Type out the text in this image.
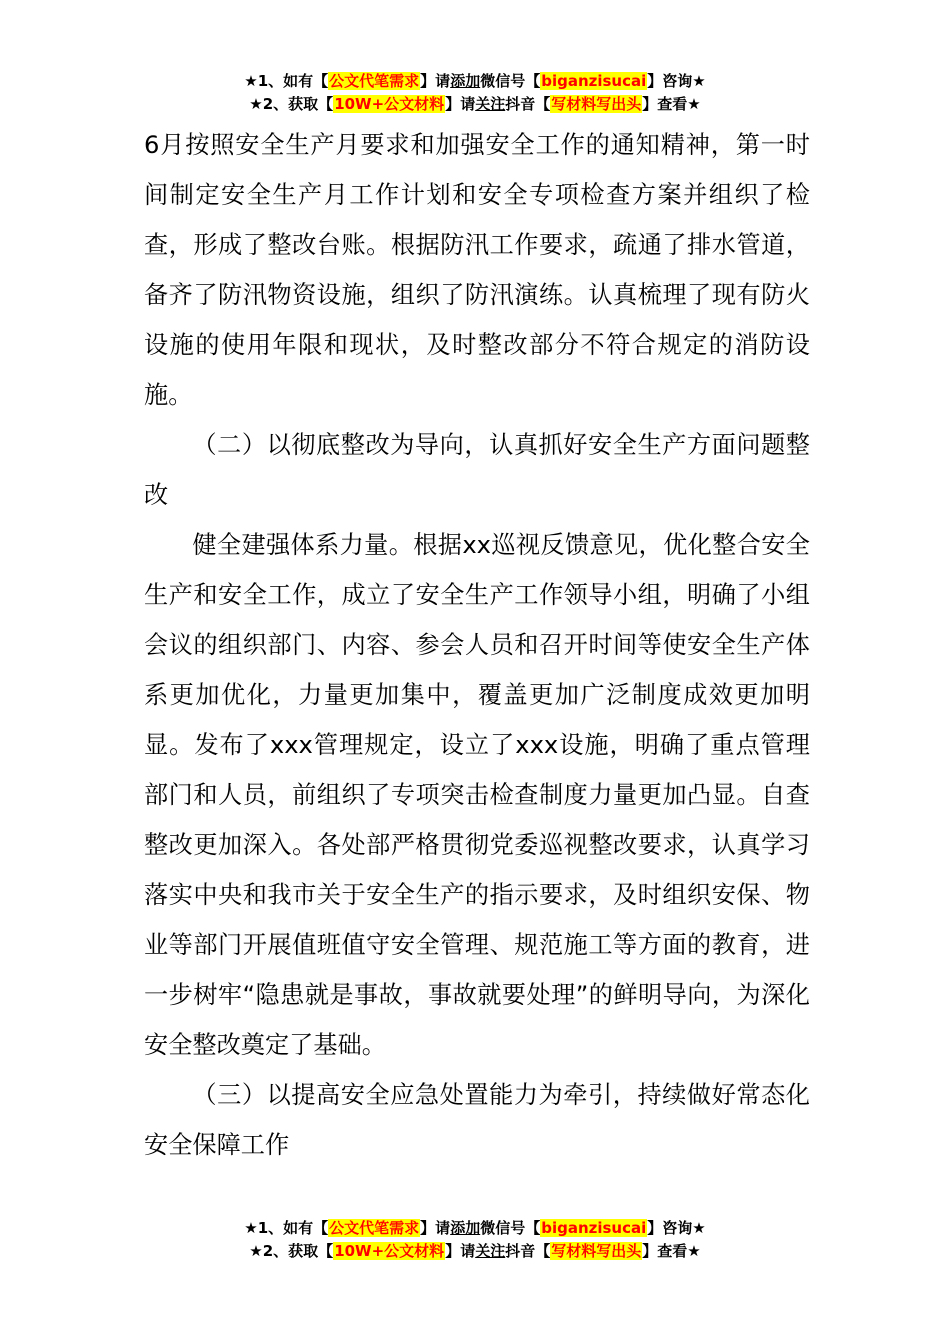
★1、如有【公文代笔需求】请添加微信号【biganzisucai】咨询★
★2、获取【10W+公文材料】请关注抖音【写材料写出头】查看★

6月按照安全生产月要求和加强安全工作的通知精神，第一时间制定安全生产月工作计划和安全专项检查方案并组织了检查，形成了整改台账。根据防汛工作要求，疏通了排水管道，备齐了防汛物资设施，组织了防汛演练。认真梳理了现有防火设施的使用年限和现状，及时整改部分不符合规定的消防设施。

（二）以彻底整改为导向，认真抓好安全生产方面问题整改

健全建强体系力量。根据xx巡视反馈意见，优化整合安全生产和安全工作，成立了安全生产工作领导小组，明确了小组会议的组织部门、内容、参会人员和召开时间等使安全生产体系更加优化，力量更加集中，覆盖更加广泛制度成效更加明显。发布了xxx管理规定，设立了xxx设施，明确了重点管理部门和人员，前组织了专项突击检查制度力量更加凸显。自查整改更加深入。各处部严格贯彻党委巡视整改要求，认真学习落实中央和我市关于安全生产的指示要求，及时组织安保、物业等部门开展值班值守安全管理、规范施工等方面的教育，进一步树牢“隐患就是事故，事故就要处理”的鲜明导向，为深化安全整改奠定了基础。

（三）以提高安全应急处置能力为牵引，持续做好常态化安全保障工作

★1、如有【公文代笔需求】请添加微信号【biganzisucai】咨询★
★2、获取【10W+公文材料】请关注抖音【写材料写出头】查看★
